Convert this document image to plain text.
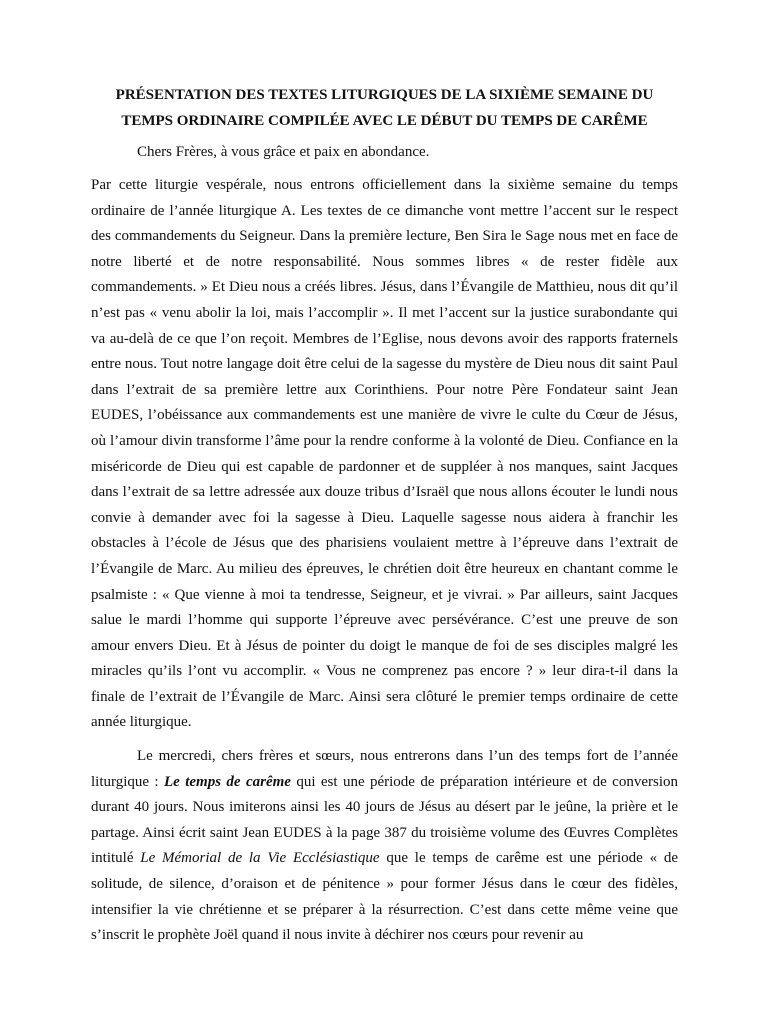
PRÉSENTATION DES TEXTES LITURGIQUES DE LA SIXIÈME SEMAINE DU
TEMPS ORDINAIRE COMPILÉE AVEC LE DÉBUT DU TEMPS DE CARÊME

Chers Frères, à vous grâce et paix en abondance.

Par cette liturgie vespérale, nous entrons officiellement dans la sixième semaine du temps ordinaire de l’année liturgique A. Les textes de ce dimanche vont mettre l’accent sur le respect des commandements du Seigneur. Dans la première lecture, Ben Sira le Sage nous met en face de notre liberté et de notre responsabilité. Nous sommes libres « de rester fidèle aux commandements. » Et Dieu nous a créés libres. Jésus, dans l’Évangile de Matthieu, nous dit qu’il n’est pas « venu abolir la loi, mais l’accomplir ». Il met l’accent sur la justice surabondante qui va au-delà de ce que l’on reçoit. Membres de l’Eglise, nous devons avoir des rapports fraternels entre nous. Tout notre langage doit être celui de la sagesse du mystère de Dieu nous dit saint Paul dans l’extrait de sa première lettre aux Corinthiens. Pour notre Père Fondateur saint Jean EUDES, l’obéissance aux commandements est une manière de vivre le culte du Cœur de Jésus, où l’amour divin transforme l’âme pour la rendre conforme à la volonté de Dieu. Confiance en la miséricorde de Dieu qui est capable de pardonner et de suppléer à nos manques, saint Jacques dans l’extrait de sa lettre adressée aux douze tribus d’Israël que nous allons écouter le lundi nous convie à demander avec foi la sagesse à Dieu. Laquelle sagesse nous aidera à franchir les obstacles à l’école de Jésus que des pharisiens voulaient mettre à l’épreuve dans l’extrait de l’Évangile de Marc. Au milieu des épreuves, le chrétien doit être heureux en chantant comme le psalmiste : « Que vienne à moi ta tendresse, Seigneur, et je vivrai. » Par ailleurs, saint Jacques salue le mardi l’homme qui supporte l’épreuve avec persévérance. C’est une preuve de son amour envers Dieu. Et à Jésus de pointer du doigt le manque de foi de ses disciples malgré les miracles qu’ils l’ont vu accomplir. « Vous ne comprenez pas encore ? » leur dira-t-il dans la finale de l’extrait de l’Évangile de Marc. Ainsi sera clôturé le premier temps ordinaire de cette année liturgique.

Le mercredi, chers frères et sœurs, nous entrerons dans l’un des temps fort de l’année liturgique : Le temps de carême qui est une période de préparation intérieure et de conversion durant 40 jours. Nous imiterons ainsi les 40 jours de Jésus au désert par le jeûne, la prière et le partage. Ainsi écrit saint Jean EUDES à la page 387 du troisième volume des Œuvres Complètes intitulé Le Mémorial de la Vie Ecclésiastique que le temps de carême est une période « de solitude, de silence, d’oraison et de pénitence » pour former Jésus dans le cœur des fidèles, intensifier la vie chrétienne et se préparer à la résurrection. C’est dans cette même veine que s’inscrit le prophète Joël quand il nous invite à déchirer nos cœurs pour revenir au
